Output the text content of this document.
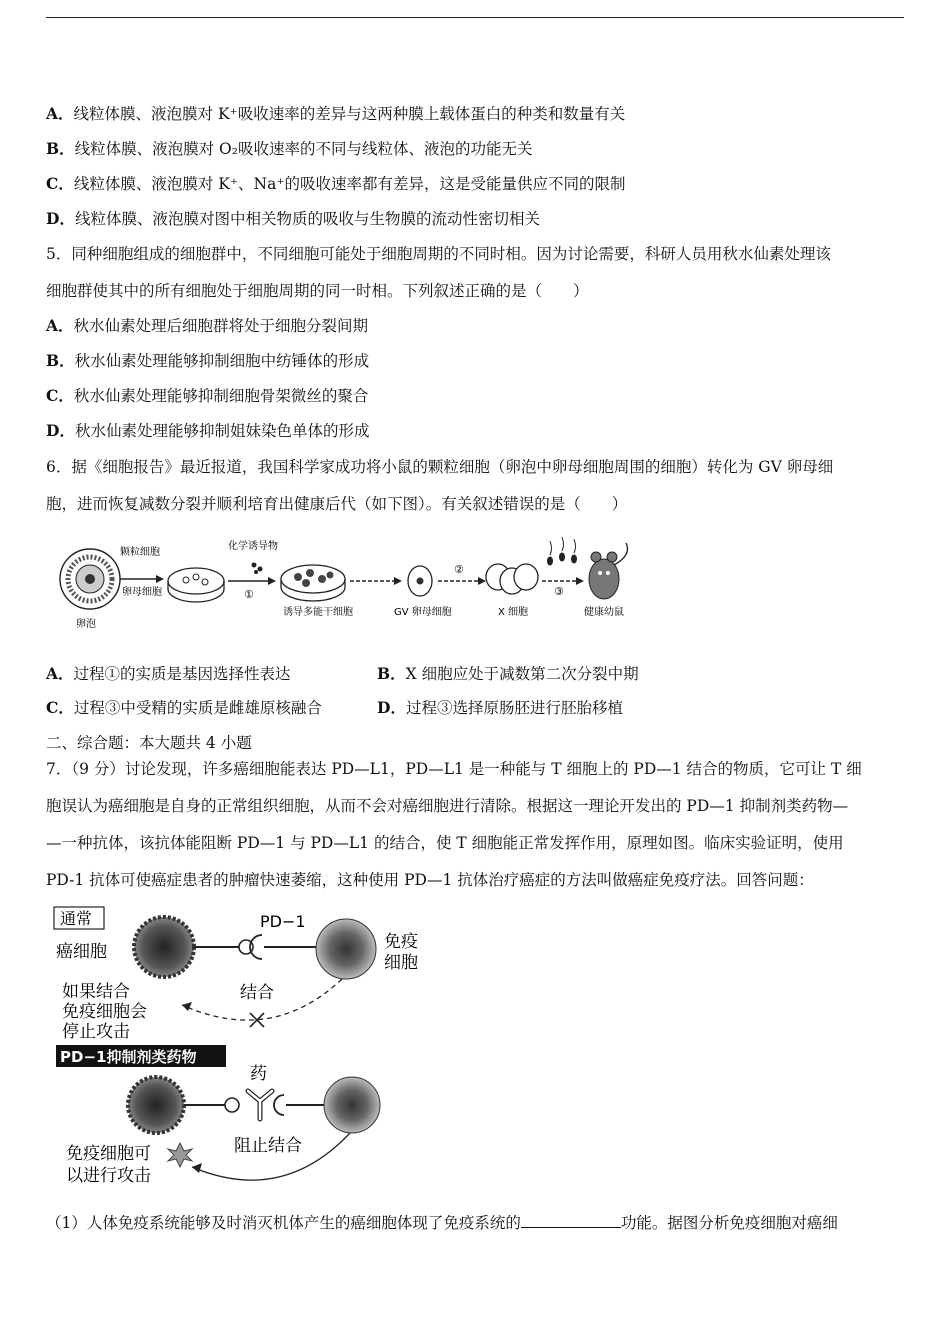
A．线粒体膜、液泡膜对 K⁺吸收速率的差异与这两种膜上载体蛋白的种类和数量有关
B．线粒体膜、液泡膜对 O₂吸收速率的不同与线粒体、液泡的功能无关
C．线粒体膜、液泡膜对 K⁺、Na⁺的吸收速率都有差异，这是受能量供应不同的限制
D．线粒体膜、液泡膜对图中相关物质的吸收与生物膜的流动性密切相关
5．同种细胞组成的细胞群中，不同细胞可能处于细胞周期的不同时相。因为讨论需要，科研人员用秋水仙素处理该
细胞群使其中的所有细胞处于细胞周期的同一时相。下列叙述正确的是（　　）
A．秋水仙素处理后细胞群将处于细胞分裂间期
B．秋水仙素处理能够抑制细胞中纺锤体的形成
C．秋水仙素处理能够抑制细胞骨架微丝的聚合
D．秋水仙素处理能够抑制姐妹染色单体的形成
6．据《细胞报告》最近报道，我国科学家成功将小鼠的颗粒细胞（卵泡中卵母细胞周围的细胞）转化为 GV 卵母细
胞，进而恢复减数分裂并顺利培育出健康后代（如下图）。有关叙述错误的是（　　）
颗粒细胞
卵母细胞
卵泡
化学诱导物
①
诱导多能干细胞	GV 卵母细胞
②
X 细胞
③
健康幼鼠
A．过程①的实质是基因选择性表达	B．X 细胞应处于减数第二次分裂中期
C．过程③中受精的实质是雌雄原核融合	D．过程③选择原肠胚进行胚胎移植
二、综合题：本大题共 4 小题
7．（9 分）讨论发现，许多癌细胞能表达 PD—L1，PD—L1 是一种能与 T 细胞上的 PD—1 结合的物质，它可让 T 细
胞误认为癌细胞是自身的正常组织细胞，从而不会对癌细胞进行清除。根据这一理论开发出的 PD—1 抑制剂类药物—
—一种抗体，该抗体能阻断 PD—1 与 PD—L1 的结合，使 T 细胞能正常发挥作用，原理如图。临床实验证明，使用
PD-1 抗体可使癌症患者的肿瘤快速萎缩，这种使用 PD—1 抗体治疗癌症的方法叫做癌症免疫疗法。回答问题：
通常
癌细胞
PD−1
免疫
细胞
结合
如果结合
免疫细胞会
停止攻击
PD−1抑制剂类药物
药
阻止结合
免疫细胞可
以进行攻击
（1）人体免疫系统能够及时消灭机体产生的癌细胞体现了免疫系统的	功能。据图分析免疫细胞对癌细
